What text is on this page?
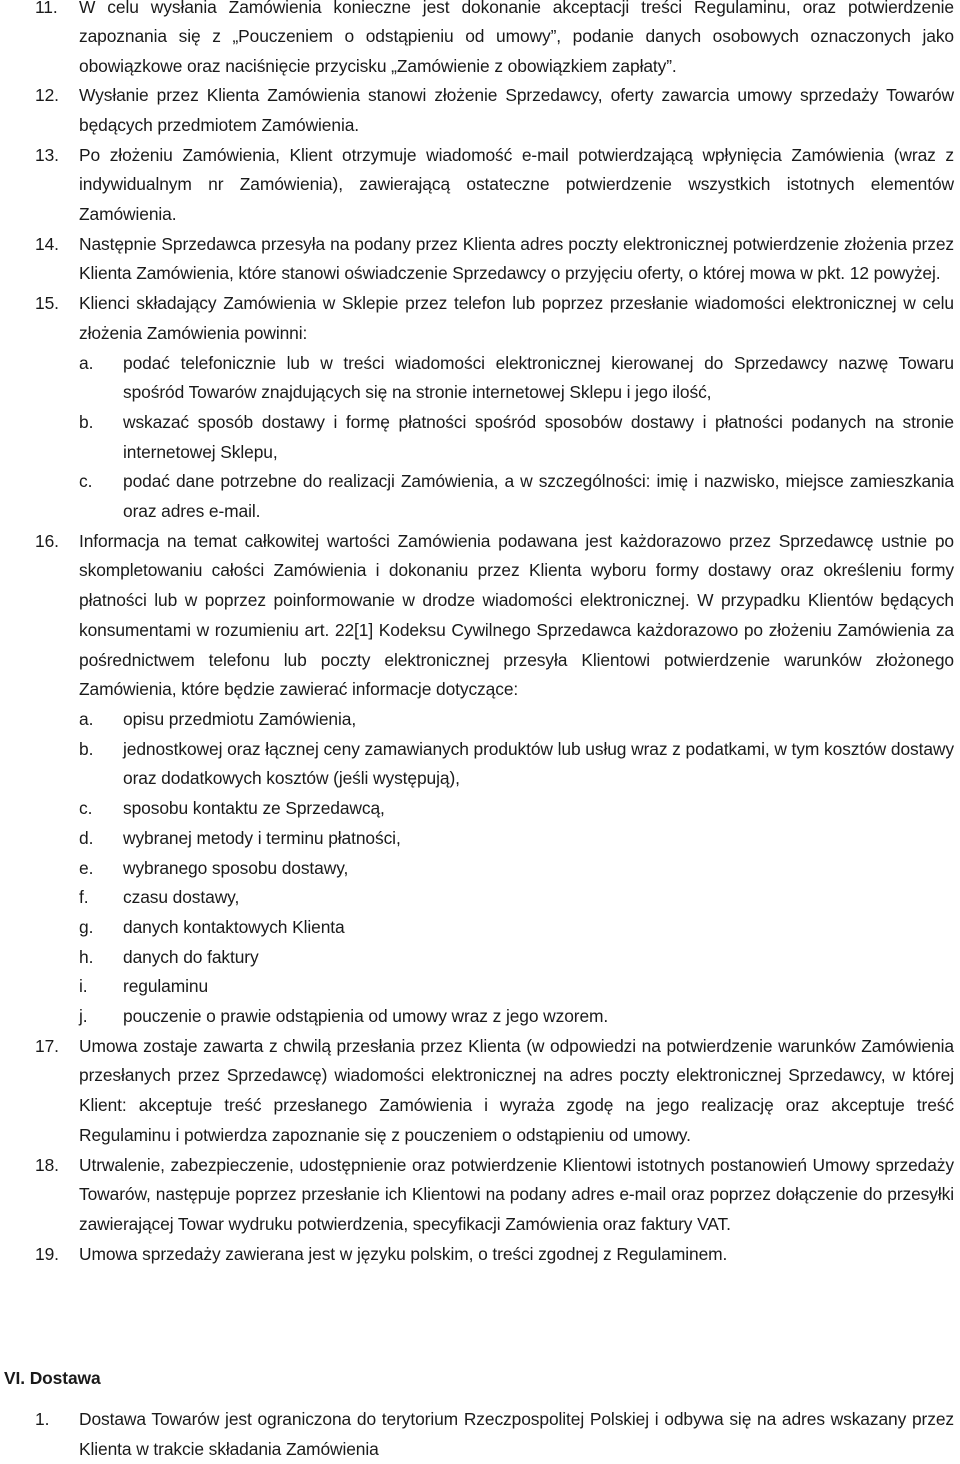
11. W celu wysłania Zamówienia konieczne jest dokonanie akceptacji treści Regulaminu, oraz potwierdzenie zapoznania się z „Pouczeniem o odstąpieniu od umowy”, podanie danych osobowych oznaczonych jako obowiązkowe oraz naciśnięcie przycisku „Zamówienie z obowiązkiem zapłaty”.
12. Wysłanie przez Klienta Zamówienia stanowi złożenie Sprzedawcy, oferty zawarcia umowy sprzedaży Towarów będących przedmiotem Zamówienia.
13. Po złożeniu Zamówienia, Klient otrzymuje wiadomość e-mail potwierdzającą wpłynięcia Zamówienia (wraz z indywidualnym nr Zamówienia), zawierającą ostateczne potwierdzenie wszystkich istotnych elementów Zamówienia.
14. Następnie Sprzedawca przesyła na podany przez Klienta adres poczty elektronicznej potwierdzenie złożenia przez Klienta Zamówienia, które stanowi oświadczenie Sprzedawcy o przyjęciu oferty, o której mowa w pkt. 12 powyżej.
15. Klienci składający Zamówienia w Sklepie przez telefon lub poprzez przesłanie wiadomości elektronicznej w celu złożenia Zamówienia powinni:
a. podać telefonicznie lub w treści wiadomości elektronicznej kierowanej do Sprzedawcy nazwę Towaru spośród Towarów znajdujących się na stronie internetowej Sklepu i jego ilość,
b. wskazać sposób dostawy i formę płatności spośród sposobów dostawy i płatności podanych na stronie internetowej Sklepu,
c. podać dane potrzebne do realizacji Zamówienia, a w szczególności: imię i nazwisko, miejsce zamieszkania oraz adres e-mail.
16. Informacja na temat całkowitej wartości Zamówienia podawana jest każdorazowo przez Sprzedawcę ustnie po skompletowaniu całości Zamówienia i dokonaniu przez Klienta wyboru formy dostawy oraz określeniu formy płatności lub w poprzez poinformowanie w drodze wiadomości elektronicznej. W przypadku Klientów będących konsumentami w rozumieniu art. 22[1] Kodeksu Cywilnego Sprzedawca każdorazowo po złożeniu Zamówienia za pośrednictwem telefonu lub poczty elektronicznej przesyła Klientowi potwierdzenie warunków złożonego Zamówienia, które będzie zawierać informacje dotyczące:
a. opisu przedmiotu Zamówienia,
b. jednostkowej oraz łącznej ceny zamawianych produktów lub usług wraz z podatkami, w tym kosztów dostawy oraz dodatkowych kosztów (jeśli występują),
c. sposobu kontaktu ze Sprzedawcą,
d. wybranej metody i terminu płatności,
e. wybranego sposobu dostawy,
f. czasu dostawy,
g. danych kontaktowych Klienta
h. danych do faktury
i. regulaminu
j. pouczenie o prawie odstąpienia od umowy wraz z jego wzorem.
17. Umowa zostaje zawarta z chwilą przesłania przez Klienta (w odpowiedzi na potwierdzenie warunków Zamówienia przesłanych przez Sprzedawcę) wiadomości elektronicznej na adres poczty elektronicznej Sprzedawcy, w której Klient: akceptuje treść przesłanego Zamówienia i wyraża zgodę na jego realizację oraz akceptuje treść Regulaminu i potwierdza zapoznanie się z pouczeniem o odstąpieniu od umowy.
18. Utrwalenie, zabezpieczenie, udostępnienie oraz potwierdzenie Klientowi istotnych postanowień Umowy sprzedaży Towarów, następuje poprzez przesłanie ich Klientowi na podany adres e-mail oraz poprzez dołączenie do przesyłki zawierającej Towar wydruku potwierdzenia, specyfikacji Zamówienia oraz faktury VAT.
19. Umowa sprzedaży zawierana jest w języku polskim, o treści zgodnej z Regulaminem.
VI. Dostawa
1. Dostawa Towarów jest ograniczona do terytorium Rzeczpospolitej Polskiej i odbywa się na adres wskazany przez Klienta w trakcie składania Zamówienia
